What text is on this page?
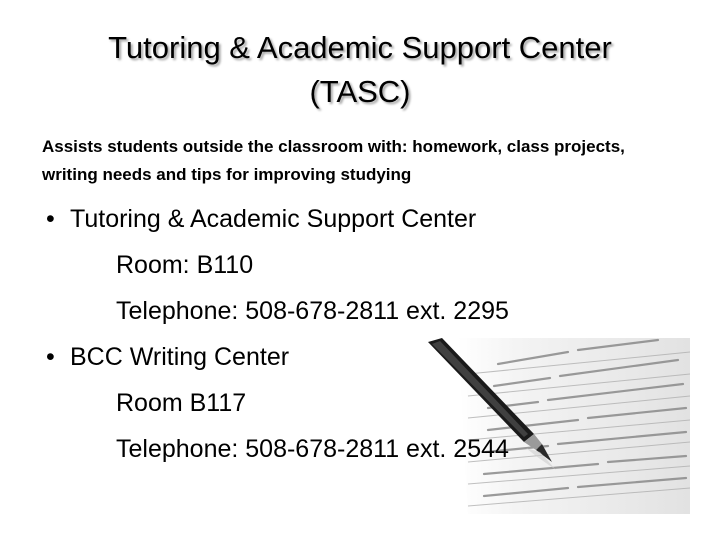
Tutoring & Academic Support Center
(TASC)
Assists students outside the classroom with: homework, class projects, writing needs and tips for improving studying
• Tutoring & Academic Support Center
Room: B110
Telephone: 508-678-2811 ext. 2295
• BCC Writing Center
Room B117
Telephone: 508-678-2811 ext. 2544
